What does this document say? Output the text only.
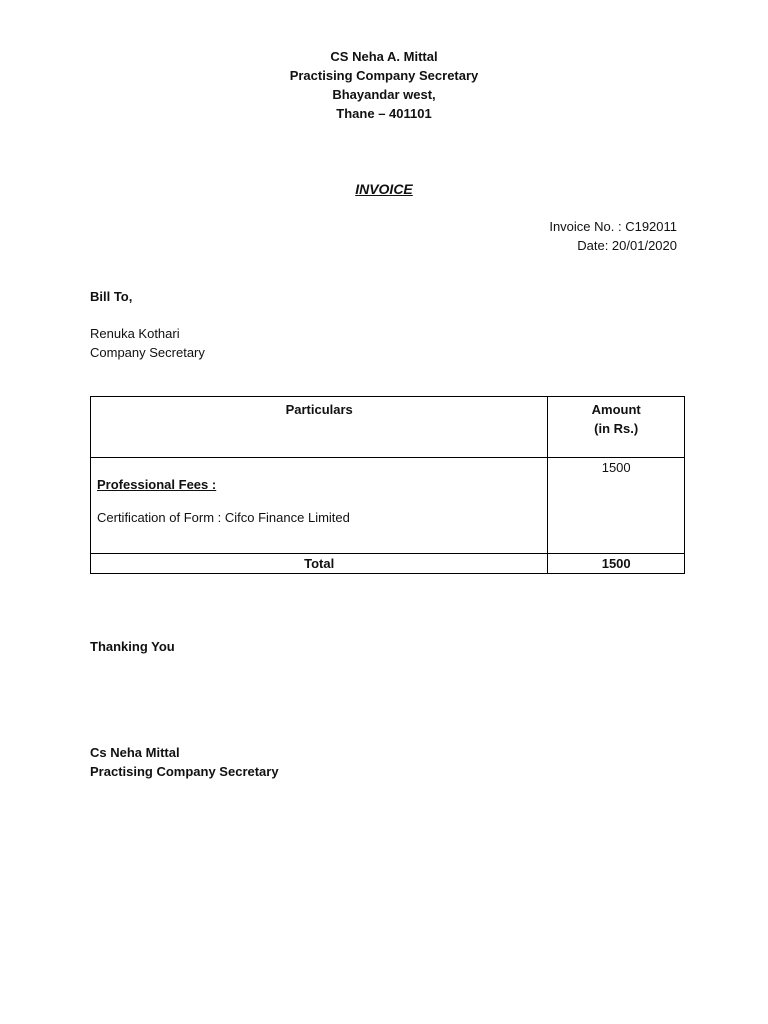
CS Neha A. Mittal
Practising Company Secretary
Bhayandar west,
Thane – 401101
INVOICE
Invoice No. : C192011
Date: 20/01/2020
Bill To,
Renuka Kothari
Company Secretary
Particulars	Amount
(in Rs.)

Professional Fees :
Certification of Form : Cifco Finance Limited	1500

Total	1500
Thanking You
Cs Neha Mittal
Practising Company Secretary
